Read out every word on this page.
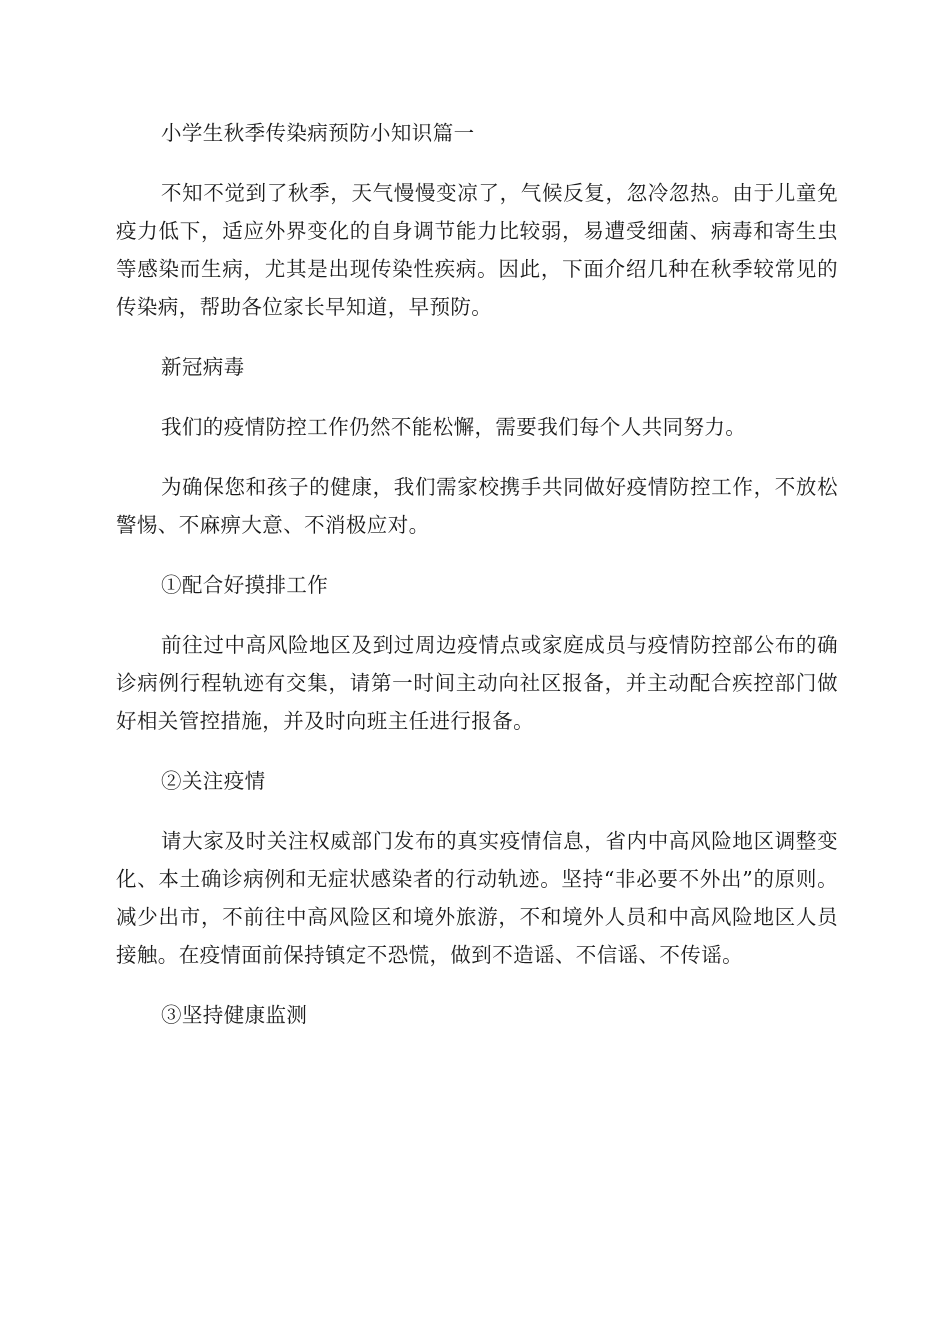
小学生秋季传染病预防小知识篇一

不知不觉到了秋季，天气慢慢变凉了，气候反复，忽冷忽热。由于儿童免疫力低下，适应外界变化的自身调节能力比较弱，易遭受细菌、病毒和寄生虫等感染而生病，尤其是出现传染性疾病。因此，下面介绍几种在秋季较常见的传染病，帮助各位家长早知道，早预防。

新冠病毒

我们的疫情防控工作仍然不能松懈，需要我们每个人共同努力。

为确保您和孩子的健康，我们需家校携手共同做好疫情防控工作，不放松警惕、不麻痹大意、不消极应对。

①配合好摸排工作

前往过中高风险地区及到过周边疫情点或家庭成员与疫情防控部公布的确诊病例行程轨迹有交集，请第一时间主动向社区报备，并主动配合疾控部门做好相关管控措施，并及时向班主任进行报备。

②关注疫情

请大家及时关注权威部门发布的真实疫情信息，省内中高风险地区调整变化、本土确诊病例和无症状感染者的行动轨迹。坚持“非必要不外出”的原则。减少出市，不前往中高风险区和境外旅游，不和境外人员和中高风险地区人员接触。在疫情面前保持镇定不恐慌，做到不造谣、不信谣、不传谣。

③坚持健康监测
